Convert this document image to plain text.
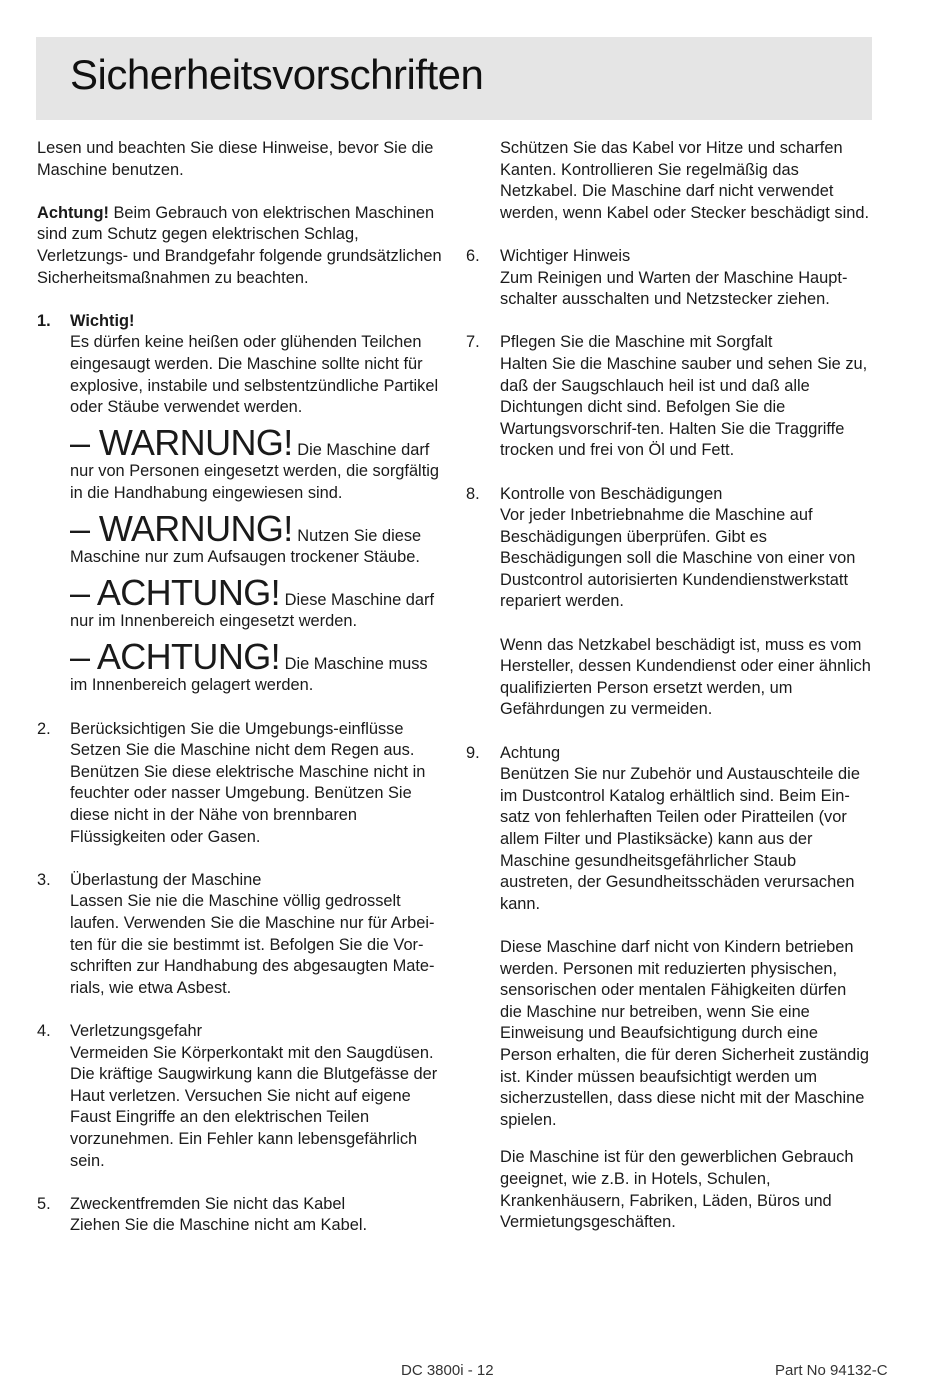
Sicherheitsvorschriften

Lesen und beachten Sie diese Hinweise, bevor Sie die Maschine benutzen.

Achtung! Beim Gebrauch von elektrischen Maschinen sind zum Schutz gegen elektrischen Schlag, Verletzungs- und Brandgefahr folgende grundsätzlichen Sicherheitsmaßnahmen zu beachten.

1. Wichtig!

Es dürfen keine heißen oder glühenden Teilchen eingesaugt werden. Die Maschine sollte nicht für explosive, instabile und selbstentzündliche Partikel oder Stäube verwendet werden.

– WARNUNG! Die Maschine darf nur von Personen eingesetzt werden, die sorgfältig in die Handhabung eingewiesen sind.

– WARNUNG! Nutzen Sie diese Maschine nur zum Aufsaugen trockener Stäube.

– ACHTUNG! Diese Maschine darf nur im Innenbereich eingesetzt werden.

– ACHTUNG! Die Maschine muss im Innenbereich gelagert werden.

2. Berücksichtigen Sie die Umgebungs-einflüsse

Setzen Sie die Maschine nicht dem Regen aus. Benützen Sie diese elektrische Maschine nicht in feuchter oder nasser Umgebung. Benützen Sie diese nicht in der Nähe von brennbaren Flüssigkeiten oder Gasen.

3. Überlastung der Maschine

Lassen Sie nie die Maschine völlig gedrosselt laufen. Verwenden Sie die Maschine nur für Arbei-ten für die sie bestimmt ist. Befolgen Sie die Vor-schriften zur Handhabung des abgesaugten Mate-rials, wie etwa Asbest.

4. Verletzungsgefahr

Vermeiden Sie Körperkontakt mit den Saugdüsen. Die kräftige Saugwirkung kann die Blutgefässe der Haut verletzen. Versuchen Sie nicht auf eigene Faust Eingriffe an den elektrischen Teilen vorzunehmen. Ein Fehler kann lebensgefährlich sein.

5. Zweckentfremden Sie nicht das Kabel

Ziehen Sie die Maschine nicht am Kabel.

Schützen Sie das Kabel vor Hitze und scharfen Kanten. Kontrollieren Sie regelmäßig das Netzkabel. Die Maschine darf nicht verwendet werden, wenn Kabel oder Stecker beschädigt sind.

6. Wichtiger Hinweis

Zum Reinigen und Warten der Maschine Haupt- schalter ausschalten und Netzstecker ziehen.

7. Pflegen Sie die Maschine mit Sorgfalt

Halten Sie die Maschine sauber und sehen Sie zu, daß der Saugschlauch heil ist und daß alle Dichtungen dicht sind. Befolgen Sie die Wartungsvorschrif-ten. Halten Sie die Traggriffe trocken und frei von Öl und Fett.

8. Kontrolle von Beschädigungen

Vor jeder Inbetriebnahme die Maschine auf Beschädigungen überprüfen. Gibt es Beschädigungen soll die Maschine von einer von Dustcontrol autorisierten Kundendienstwerkstatt repariert werden.

Wenn das Netzkabel beschädigt ist, muss es vom Hersteller, dessen Kundendienst oder einer ähnlich qualifizierten Person ersetzt werden, um Gefährdungen zu vermeiden.

9. Achtung

Benützen Sie nur Zubehör und Austauschteile die im Dustcontrol Katalog erhältlich sind. Beim Ein-satz von fehlerhaften Teilen oder Piratteilen (vor allem Filter und Plastiksäcke) kann aus der Maschine gesundheitsgefährlicher Staub austreten, der Gesundheitsschäden verursachen kann.

Diese Maschine darf nicht von Kindern betrieben werden. Personen mit reduzierten physischen, sensorischen oder mentalen Fähigkeiten dürfen die Maschine nur betreiben, wenn Sie eine Einweisung und Beaufsichtigung durch eine Person erhalten, die für deren Sicherheit zuständig ist. Kinder müssen beaufsichtigt werden um sicherzustellen, dass diese nicht mit der Maschine spielen.

Die Maschine ist für den gewerblichen Gebrauch geeignet, wie z.B. in Hotels, Schulen, Krankenhäusern, Fabriken, Läden, Büros und Vermietungsgeschäften.

DC 3800i - 12	Part No 94132-C
